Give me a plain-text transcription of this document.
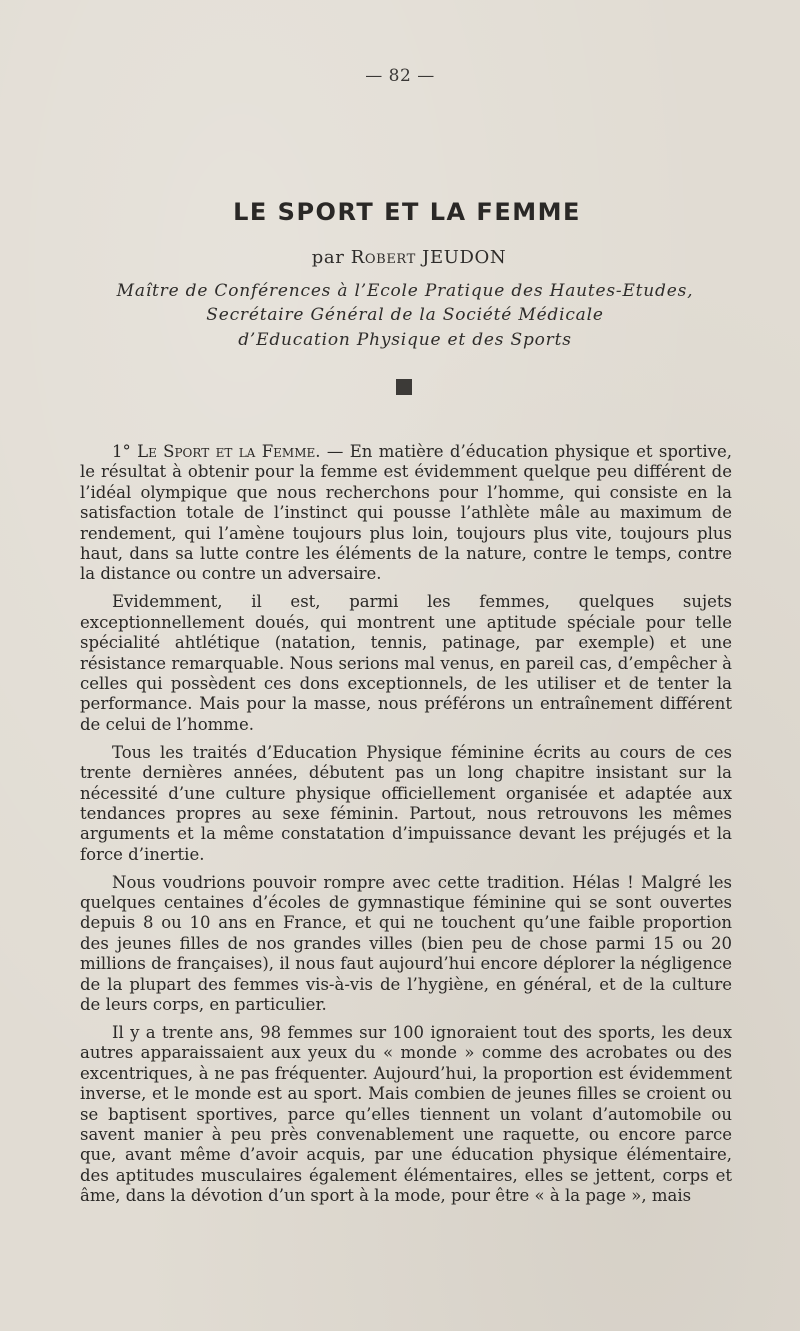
— 82 —
LE SPORT ET LA FEMME
par Robert JEUDON
Maître de Conférences à l’Ecole Pratique des Hautes-Etudes,
Secrétaire Général de la Société Médicale
d’Education Physique et des Sports

1° Le Sport et la Femme. — En matière d’éducation physique et sportive, le résultat à obtenir pour la femme est évidemment quelque peu différent de l’idéal olympique que nous recherchons pour l’homme, qui consiste en la satisfaction totale de l’instinct qui pousse l’athlète mâle au maximum de rendement, qui l’amène toujours plus loin, toujours plus vite, toujours plus haut, dans sa lutte contre les éléments de la nature, contre le temps, contre la distance ou contre un adversaire.

Evidemment, il est, parmi les femmes, quelques sujets exceptionnellement doués, qui montrent une aptitude spéciale pour telle spécialité ahtlétique (natation, tennis, patinage, par exemple) et une résistance remarquable. Nous serions mal venus, en pareil cas, d’empêcher à celles qui possèdent ces dons exceptionnels, de les utiliser et de tenter la performance. Mais pour la masse, nous préférons un entraînement différent de celui de l’homme.

Tous les traités d’Education Physique féminine écrits au cours de ces trente dernières années, débutent pas un long chapitre insistant sur la nécessité d’une culture physique officiellement organisée et adaptée aux tendances propres au sexe féminin. Partout, nous retrouvons les mêmes arguments et la même constatation d’impuissance devant les préjugés et la force d’inertie.

Nous voudrions pouvoir rompre avec cette tradition. Hélas ! Malgré les quelques centaines d’écoles de gymnastique féminine qui se sont ouvertes depuis 8 ou 10 ans en France, et qui ne touchent qu’une faible proportion des jeunes filles de nos grandes villes (bien peu de chose parmi 15 ou 20 millions de françaises), il nous faut aujourd’hui encore déplorer la négligence de la plupart des femmes vis-à-vis de l’hygiène, en général, et de la culture de leurs corps, en particulier.

Il y a trente ans, 98 femmes sur 100 ignoraient tout des sports, les deux autres apparaissaient aux yeux du « monde » comme des acrobates ou des excentriques, à ne pas fréquenter. Aujourd’hui, la proportion est évidemment inverse, et le monde est au sport. Mais combien de jeunes filles se croient ou se baptisent sportives, parce qu’elles tiennent un volant d’automobile ou savent manier à peu près convenablement une raquette, ou encore parce que, avant même d’avoir acquis, par une éducation physique élémentaire, des aptitudes musculaires également élémentaires, elles se jettent, corps et âme, dans la dévotion d’un sport à la mode, pour être « à la page », mais
